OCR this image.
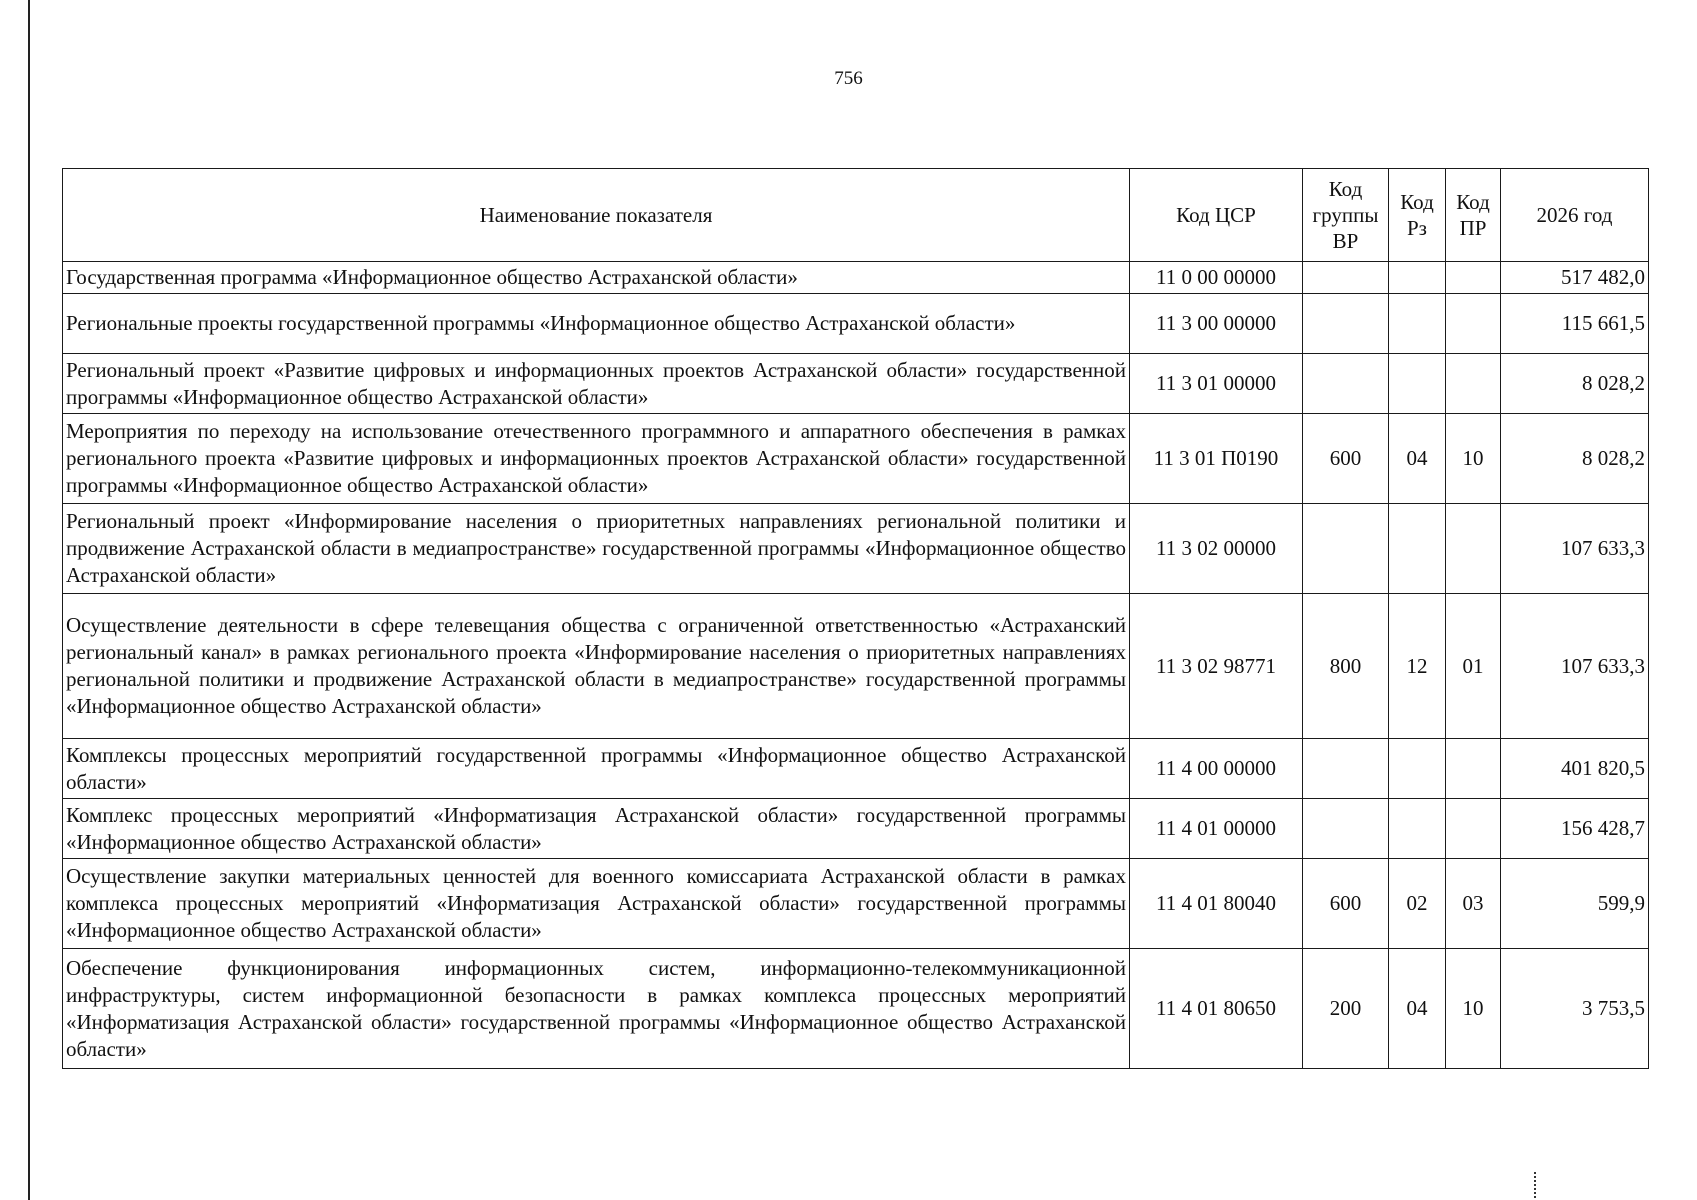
756
Наименование показателя	Код ЦСР	Код группы ВР	Код Рз	Код ПР	2026 год
Государственная программа «Информационное общество Астраханской области»	11 0 00 00000				517 482,0
Региональные проекты государственной программы «Информационное общество Астраханской области»	11 3 00 00000				115 661,5
Региональный проект «Развитие цифровых и информационных проектов Астраханской области» государственной программы «Информационное общество Астраханской области»	11 3 01 00000				8 028,2
Мероприятия по переходу на использование отечественного программного и аппаратного обеспечения в рамках регионального проекта «Развитие цифровых и информационных проектов Астраханской области» государственной программы «Информационное общество Астраханской области»	11 3 01 П0190	600	04	10	8 028,2
Региональный проект «Информирование населения о приоритетных направлениях региональной политики и продвижение Астраханской области в медиапространстве» государственной программы «Информационное общество Астраханской области»	11 3 02 00000				107 633,3
Осуществление деятельности в сфере телевещания общества с ограниченной ответственностью «Астраханский региональный канал» в рамках регионального проекта «Информирование населения о приоритетных направлениях региональной политики и продвижение Астраханской области в медиапространстве» государственной программы «Информационное общество Астраханской области»	11 3 02 98771	800	12	01	107 633,3
Комплексы процессных мероприятий государственной программы «Информационное общество Астраханской области»	11 4 00 00000				401 820,5
Комплекс процессных мероприятий «Информатизация Астраханской области» государственной программы «Информационное общество Астраханской области»	11 4 01 00000				156 428,7
Осуществление закупки материальных ценностей для военного комиссариата Астраханской области в рамках комплекса процессных мероприятий «Информатизация Астраханской области» государственной программы «Информационное общество Астраханской области»	11 4 01 80040	600	02	03	599,9
Обеспечение функционирования информационных систем, информационно-телекоммуникационной инфраструктуры, систем информационной безопасности в рамках комплекса процессных мероприятий «Информатизация Астраханской области» государственной программы «Информационное общество Астраханской области»	11 4 01 80650	200	04	10	3 753,5
